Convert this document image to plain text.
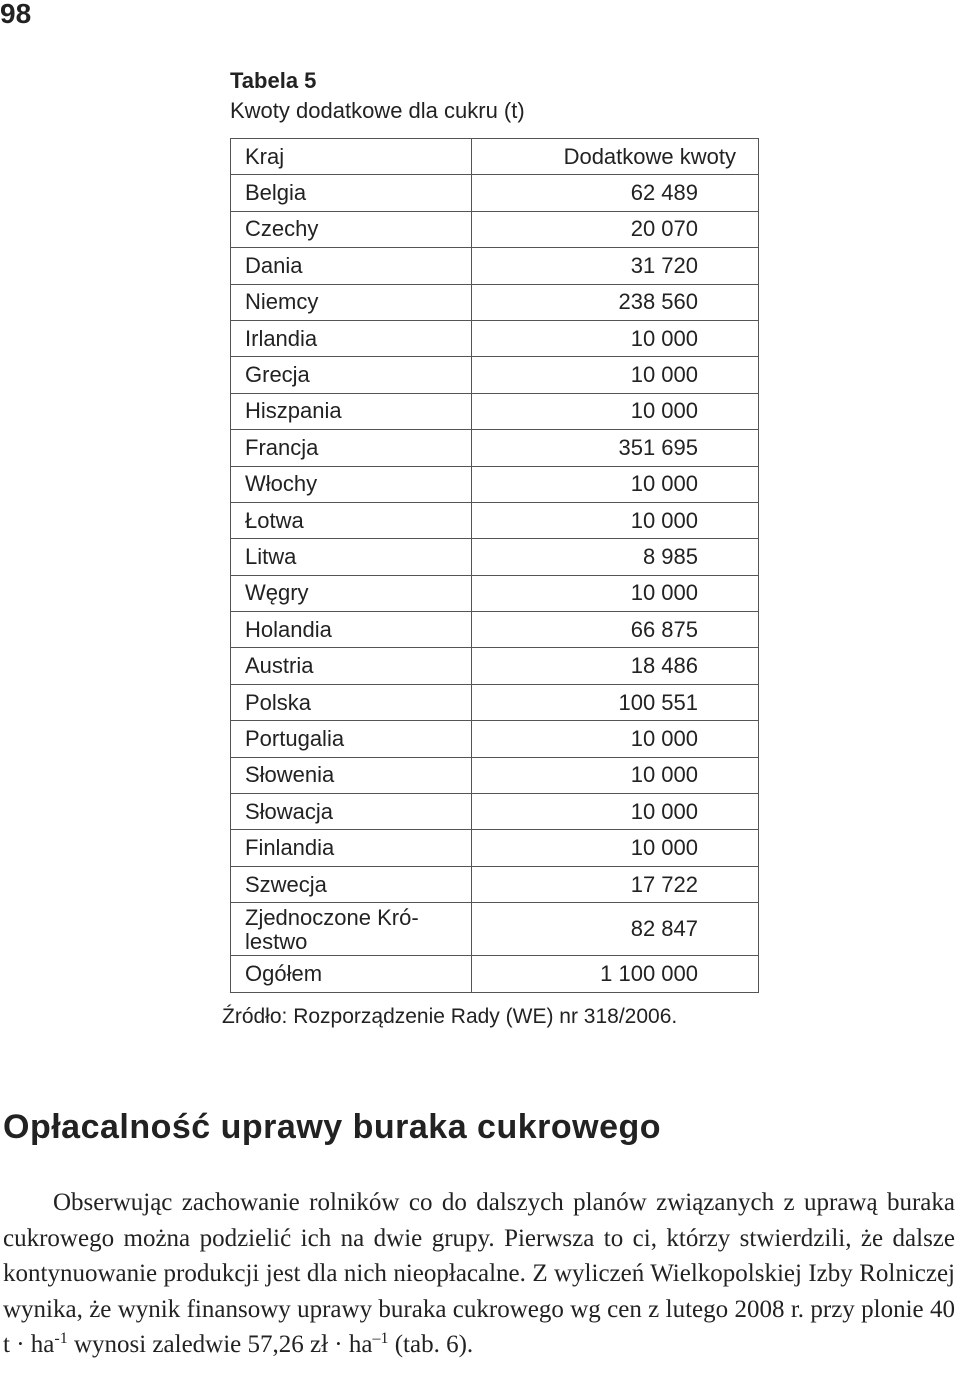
98
Tabela 5
Kwoty dodatkowe dla cukru (t)
Kraj	Dodatkowe kwoty
Belgia	62 489
Czechy	20 070
Dania	31 720
Niemcy	238 560
Irlandia	10 000
Grecja	10 000
Hiszpania	10 000
Francja	351 695
Włochy	10 000
Łotwa	10 000
Litwa	8 985
Węgry	10 000
Holandia	66 875
Austria	18 486
Polska	100 551
Portugalia	10 000
Słowenia	10 000
Słowacja	10 000
Finlandia	10 000
Szwecja	17 722
Zjednoczone Kró-
lestwo	82 847
Ogółem	1 100 000
Źródło: Rozporządzenie Rady (WE) nr 318/2006.
Opłacalność uprawy buraka cukrowego
Obserwując zachowanie rolników co do dalszych planów związanych z uprawą buraka cukrowego można podzielić ich na dwie grupy. Pierwsza to ci, którzy stwierdzili, że dalsze kontynuowanie produkcji jest dla nich nieopłacalne. Z wyliczeń Wielkopolskiej Izby Rolniczej wynika, że wynik finansowy uprawy buraka cukrowego wg cen z lutego 2008 r. przy plonie 40 $t \cdot ha^{-1}$ wynosi zaledwie 57,26 zł · $ha^{-1}$ (tab. 6).
